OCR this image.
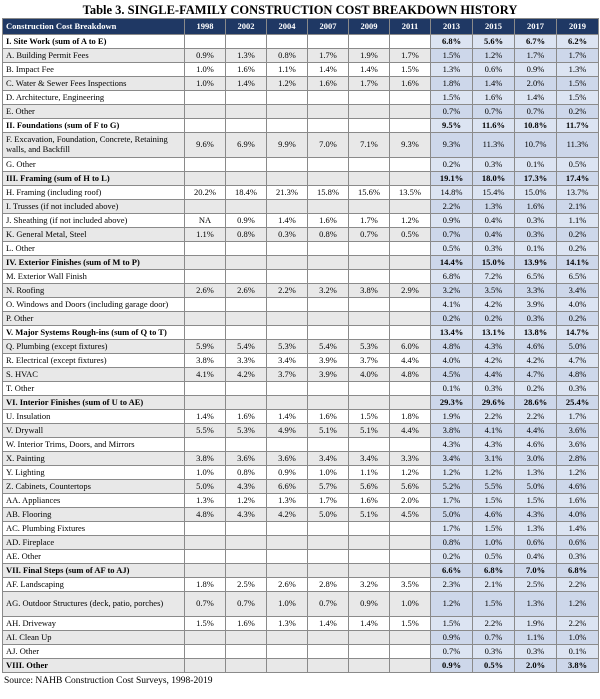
Table 3. SINGLE-FAMILY CONSTRUCTION COST BREAKDOWN HISTORY
Construction Cost Breakdown	1998	2002	2004	2007	2009	2011	2013	2015	2017	2019
I. Site Work (sum of A to E)							6.8%	5.6%	6.7%	6.2%
A. Building Permit Fees	0.9%	1.3%	0.8%	1.7%	1.9%	1.7%	1.5%	1.2%	1.7%	1.7%
B. Impact Fee	1.0%	1.6%	1.1%	1.4%	1.4%	1.5%	1.3%	0.6%	0.9%	1.3%
C. Water & Sewer Fees Inspections	1.0%	1.4%	1.2%	1.6%	1.7%	1.6%	1.8%	1.4%	2.0%	1.5%
D. Architecture, Engineering							1.5%	1.6%	1.4%	1.5%
E. Other							0.7%	0.7%	0.7%	0.2%
II. Foundations (sum of F to G)							9.5%	11.6%	10.8%	11.7%
F. Excavation, Foundation, Concrete, Retaining walls, and Backfill	9.6%	6.9%	9.9%	7.0%	7.1%	9.3%	9.3%	11.3%	10.7%	11.3%
G. Other							0.2%	0.3%	0.1%	0.5%
III. Framing (sum of H to L)							19.1%	18.0%	17.3%	17.4%
H. Framing (including roof)	20.2%	18.4%	21.3%	15.8%	15.6%	13.5%	14.8%	15.4%	15.0%	13.7%
I. Trusses (if not included above)							2.2%	1.3%	1.6%	2.1%
J. Sheathing (if not included above)	NA	0.9%	1.4%	1.6%	1.7%	1.2%	0.9%	0.4%	0.3%	1.1%
K. General Metal, Steel	1.1%	0.8%	0.3%	0.8%	0.7%	0.5%	0.7%	0.4%	0.3%	0.2%
L. Other							0.5%	0.3%	0.1%	0.2%
IV. Exterior Finishes (sum of M to P)							14.4%	15.0%	13.9%	14.1%
M. Exterior Wall Finish							6.8%	7.2%	6.5%	6.5%
N. Roofing	2.6%	2.6%	2.2%	3.2%	3.8%	2.9%	3.2%	3.5%	3.3%	3.4%
O. Windows and Doors (including garage door)							4.1%	4.2%	3.9%	4.0%
P. Other							0.2%	0.2%	0.3%	0.2%
V. Major Systems Rough-ins (sum of Q to T)							13.4%	13.1%	13.8%	14.7%
Q. Plumbing (except fixtures)	5.9%	5.4%	5.3%	5.4%	5.3%	6.0%	4.8%	4.3%	4.6%	5.0%
R. Electrical (except fixtures)	3.8%	3.3%	3.4%	3.9%	3.7%	4.4%	4.0%	4.2%	4.2%	4.7%
S. HVAC	4.1%	4.2%	3.7%	3.9%	4.0%	4.8%	4.5%	4.4%	4.7%	4.8%
T. Other							0.1%	0.3%	0.2%	0.3%
VI. Interior Finishes (sum of U to AE)							29.3%	29.6%	28.6%	25.4%
U. Insulation	1.4%	1.6%	1.4%	1.6%	1.5%	1.8%	1.9%	2.2%	2.2%	1.7%
V. Drywall	5.5%	5.3%	4.9%	5.1%	5.1%	4.4%	3.8%	4.1%	4.4%	3.6%
W. Interior Trims, Doors, and Mirrors							4.3%	4.3%	4.6%	3.6%
X. Painting	3.8%	3.6%	3.6%	3.4%	3.4%	3.3%	3.4%	3.1%	3.0%	2.8%
Y. Lighting	1.0%	0.8%	0.9%	1.0%	1.1%	1.2%	1.2%	1.2%	1.3%	1.2%
Z. Cabinets, Countertops	5.0%	4.3%	6.6%	5.7%	5.6%	5.6%	5.2%	5.5%	5.0%	4.6%
AA. Appliances	1.3%	1.2%	1.3%	1.7%	1.6%	2.0%	1.7%	1.5%	1.5%	1.6%
AB. Flooring	4.8%	4.3%	4.2%	5.0%	5.1%	4.5%	5.0%	4.6%	4.3%	4.0%
AC. Plumbing Fixtures							1.7%	1.5%	1.3%	1.4%
AD. Fireplace							0.8%	1.0%	0.6%	0.6%
AE. Other							0.2%	0.5%	0.4%	0.3%
VII. Final Steps (sum of AF to AJ)							6.6%	6.8%	7.0%	6.8%
AF. Landscaping	1.8%	2.5%	2.6%	2.8%	3.2%	3.5%	2.3%	2.1%	2.5%	2.2%
AG. Outdoor Structures (deck, patio, porches)	0.7%	0.7%	1.0%	0.7%	0.9%	1.0%	1.2%	1.5%	1.3%	1.2%
AH. Driveway	1.5%	1.6%	1.3%	1.4%	1.4%	1.5%	1.5%	2.2%	1.9%	2.2%
AI. Clean Up							0.9%	0.7%	1.1%	1.0%
AJ. Other							0.7%	0.3%	0.3%	0.1%
VIII. Other							0.9%	0.5%	2.0%	3.8%
Source: NAHB Construction Cost Surveys, 1998-2019
